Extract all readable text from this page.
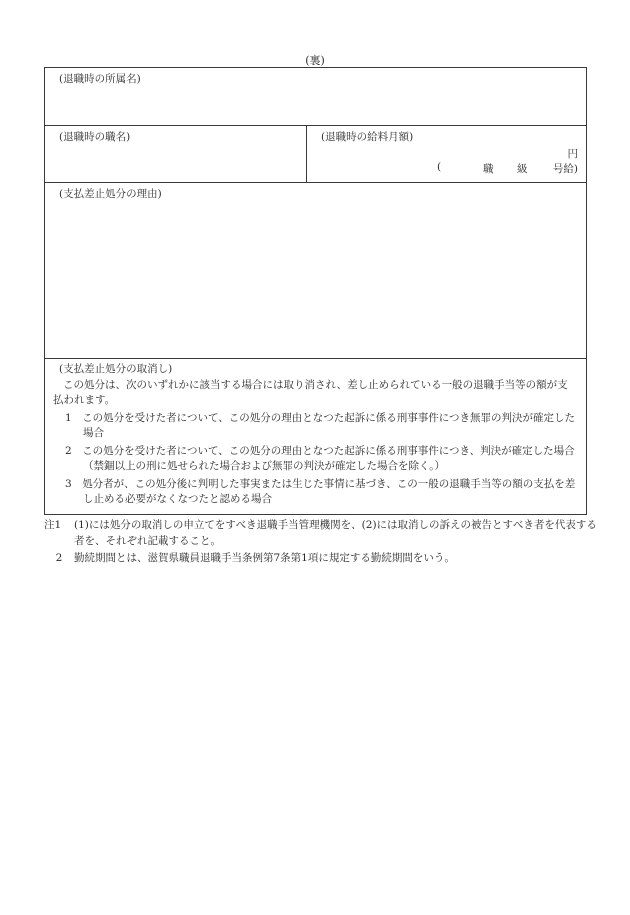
(裏)
(退職時の所属名)
(退職時の職名)	(退職時の給料月額)
円
(	職 級 号給)
(支払差止処分の理由)
(支払差止処分の取消し)

この処分は、次のいずれかに該当する場合には取り消され、差し止められている一般の退職手当等の額が支払われます。

1　 この処分を受けた者について、この処分の理由となつた起訴に係る刑事事件につき無罪の判決が確定した場合

2　 この処分を受けた者について、この処分の理由となつた起訴に係る刑事事件につき、判決が確定した場合（禁錮以上の刑に処せられた場合および無罪の判決が確定した場合を除く。）

3　 処分者が、この処分後に判明した事実または生じた事情に基づき、この一般の退職手当等の額の支払を差し止める必要がなくなつたと認める場合

注1 (1)には処分の取消しの申立てをすべき退職手当管理機関を、(2)には取消しの訴えの被告とすべき者を代表する者を、それぞれ記載すること。

2 勤続期間とは、滋賀県職員退職手当条例第7条第1項に規定する勤続期間をいう。
